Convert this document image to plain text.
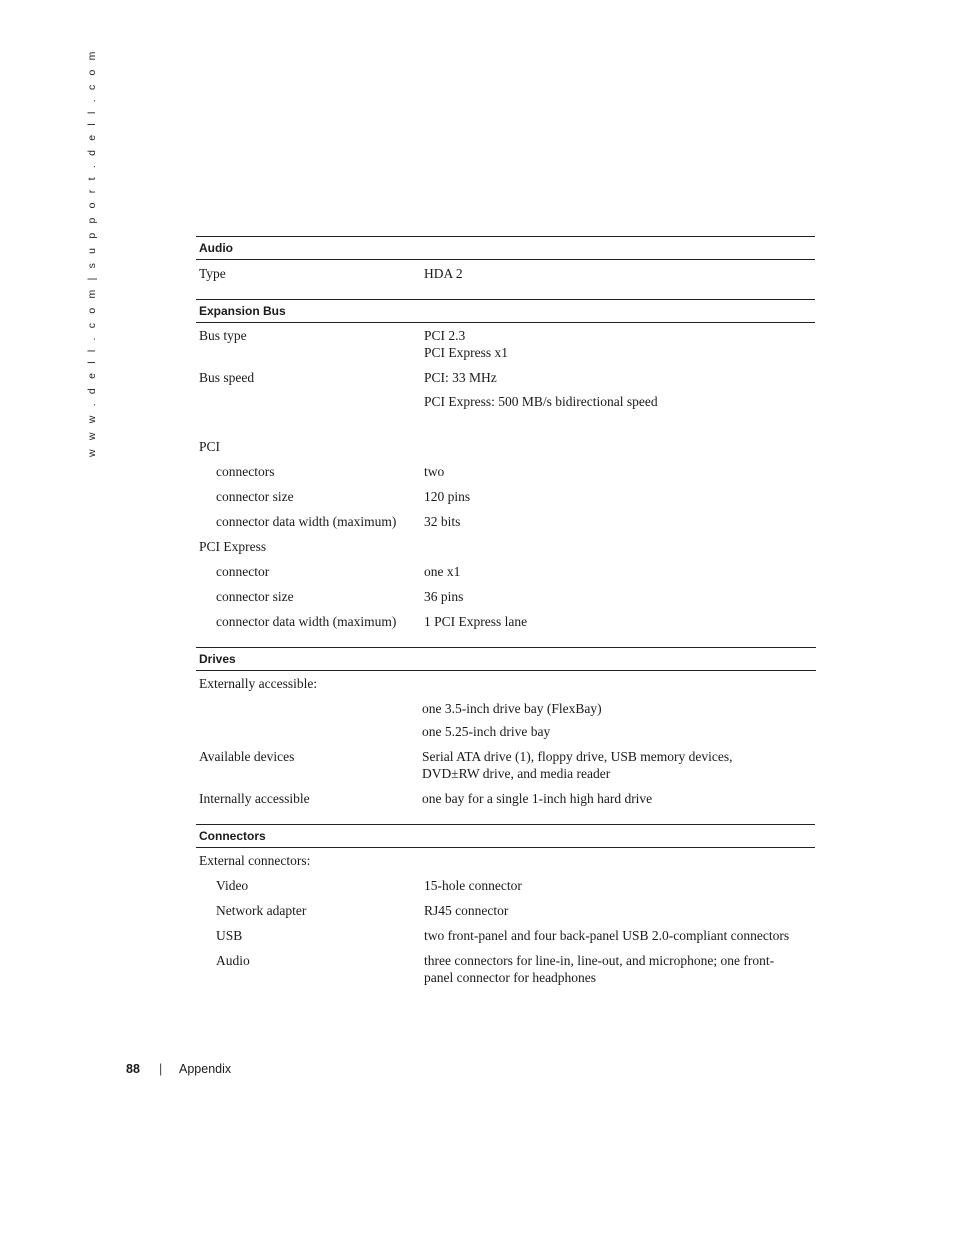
w w w . d e l l . c o m | s u p p o r t . d e l l . c o m	Audio
Type	HDA 2
Expansion Bus
Bus type	PCI 2.3
PCI Express x1
Bus speed	PCI: 33 MHz
PCI Express: 500 MB/s bidirectional speed
PCI
connectors	two
connector size	120 pins
connector data width (maximum) 32 bits
PCI Express
connector	one x1
connector size	36 pins
connector data width (maximum) 1 PCI Express lane
Drives
Externally accessible:
one 3.5-inch drive bay (FlexBay)
one 5.25-inch drive bay
Available devices	Serial ATA drive (1), floppy drive, USB memory devices,
DVD±RW drive, and media reader
Internally accessible	one bay for a single 1-inch high hard drive
Connectors
External connectors:
Video	15-hole connector
Network adapter	RJ45 connector
USB	two front-panel and four back-panel USB 2.0-compliant connectors
Audio	three connectors for line-in, line-out, and microphone; one front-
panel connector for headphones
88 | Appendix
